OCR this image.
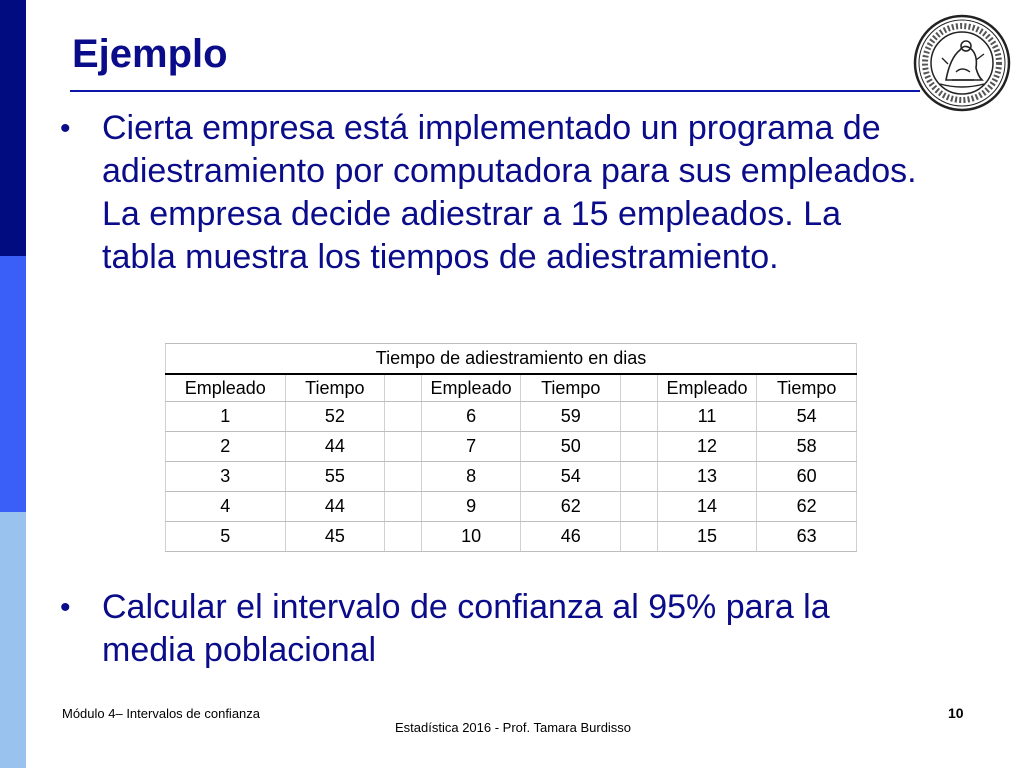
Ejemplo
• Cierta empresa está implementado un programa de adiestramiento por computadora para sus empleados. La empresa decide adiestrar a 15 empleados. La tabla muestra los tiempos de adiestramiento.
Tiempo de adiestramiento en dias							
Empleado	Tiempo		Empleado	Tiempo		Empleado	Tiempo
1	52		6	59		11	54
2	44		7	50		12	58
3	55		8	54		13	60
4	44		9	62		14	62
5	45		10	46		15	63
• Calcular el intervalo de confianza al 95% para la media poblacional
Módulo 4– Intervalos de confianza
Estadística 2016 - Prof. Tamara Burdisso
10
